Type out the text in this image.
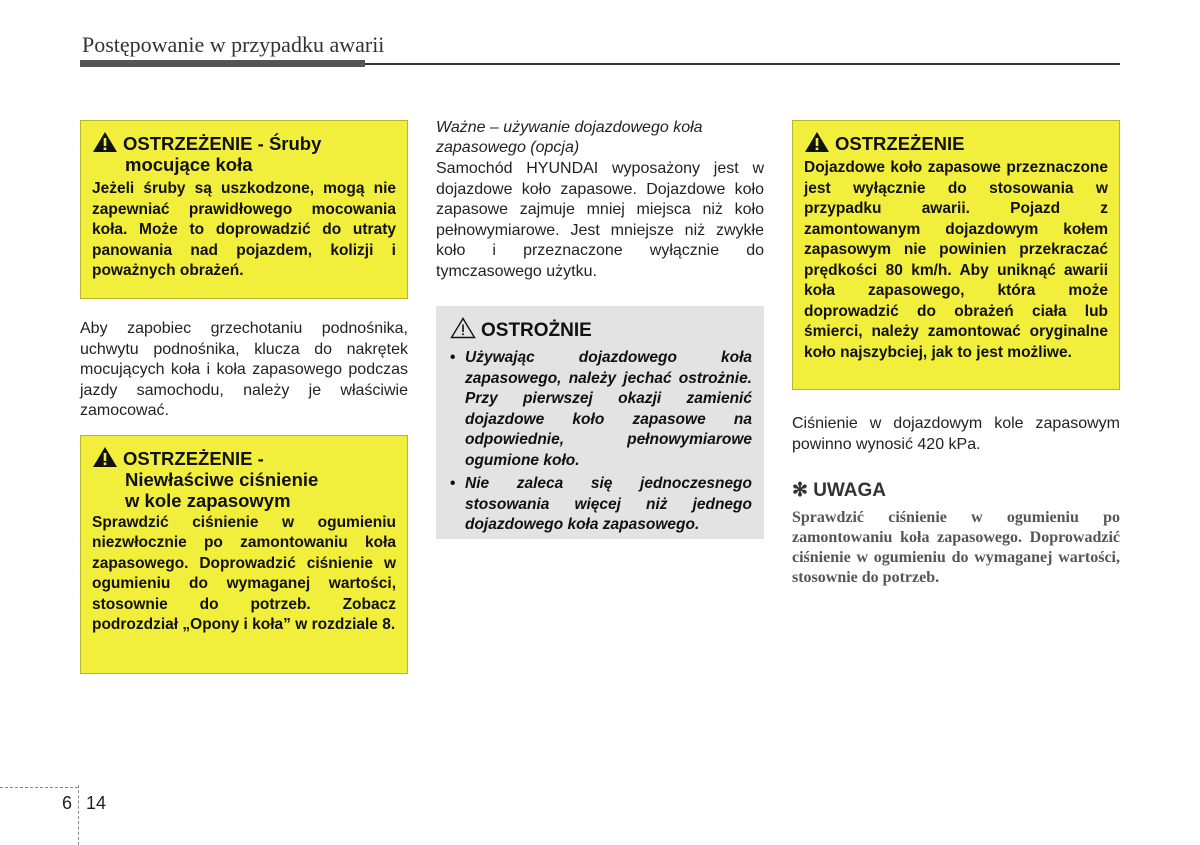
Postępowanie w przypadku awarii
OSTRZEŻENIE - Śruby
mocujące koła
Jeżeli śruby są uszkodzone, mogą nie zapewniać prawidłowego mocowania koła. Może to doprowadzić do utraty panowania nad pojazdem, kolizji i poważnych obrażeń.
Aby zapobiec grzechotaniu podnośnika, uchwytu podnośnika, klucza do nakrętek mocujących koła i koła zapasowego podczas jazdy samochodu, należy je właściwie zamocować.
OSTRZEŻENIE -
Niewłaściwe ciśnienie
w kole zapasowym
Sprawdzić ciśnienie w ogumieniu niezwłocznie po zamontowaniu koła zapasowego. Doprowadzić ciśnienie w ogumieniu do wymaganej wartości, stosownie do potrzeb. Zobacz podrozdział „Opony i koła” w rozdziale 8.
Ważne – używanie dojazdowego koła zapasowego (opcja)
Samochód HYUNDAI wyposażony jest w dojazdowe koło zapasowe. Dojazdowe koło zapasowe zajmuje mniej miejsca niż koło pełnowymiarowe. Jest mniejsze niż zwykłe koło i przeznaczone wyłącznie do tymczasowego użytku.
OSTROŻNIE
• Używając dojazdowego koła zapasowego, należy jechać ostrożnie. Przy pierwszej okazji zamienić dojazdowe koło zapasowe na odpowiednie, pełnowymiarowe ogumione koło.
• Nie zaleca się jednoczesnego stosowania więcej niż jednego dojazdowego koła zapasowego.
OSTRZEŻENIE
Dojazdowe koło zapasowe przeznaczone jest wyłącznie do stosowania w przypadku awarii. Pojazd z zamontowanym dojazdowym kołem zapasowym nie powinien przekraczać prędkości 80 km/h. Aby uniknąć awarii koła zapasowego, która może doprowadzić do obrażeń ciała lub śmierci, należy zamontować oryginalne koło najszybciej, jak to jest możliwe.
Ciśnienie w dojazdowym kole zapasowym powinno wynosić 420 kPa.
✻ UWAGA
Sprawdzić ciśnienie w ogumieniu po zamontowaniu koła zapasowego. Doprowadzić ciśnienie w ogumieniu do wymaganej wartości, stosownie do potrzeb.
6 14
